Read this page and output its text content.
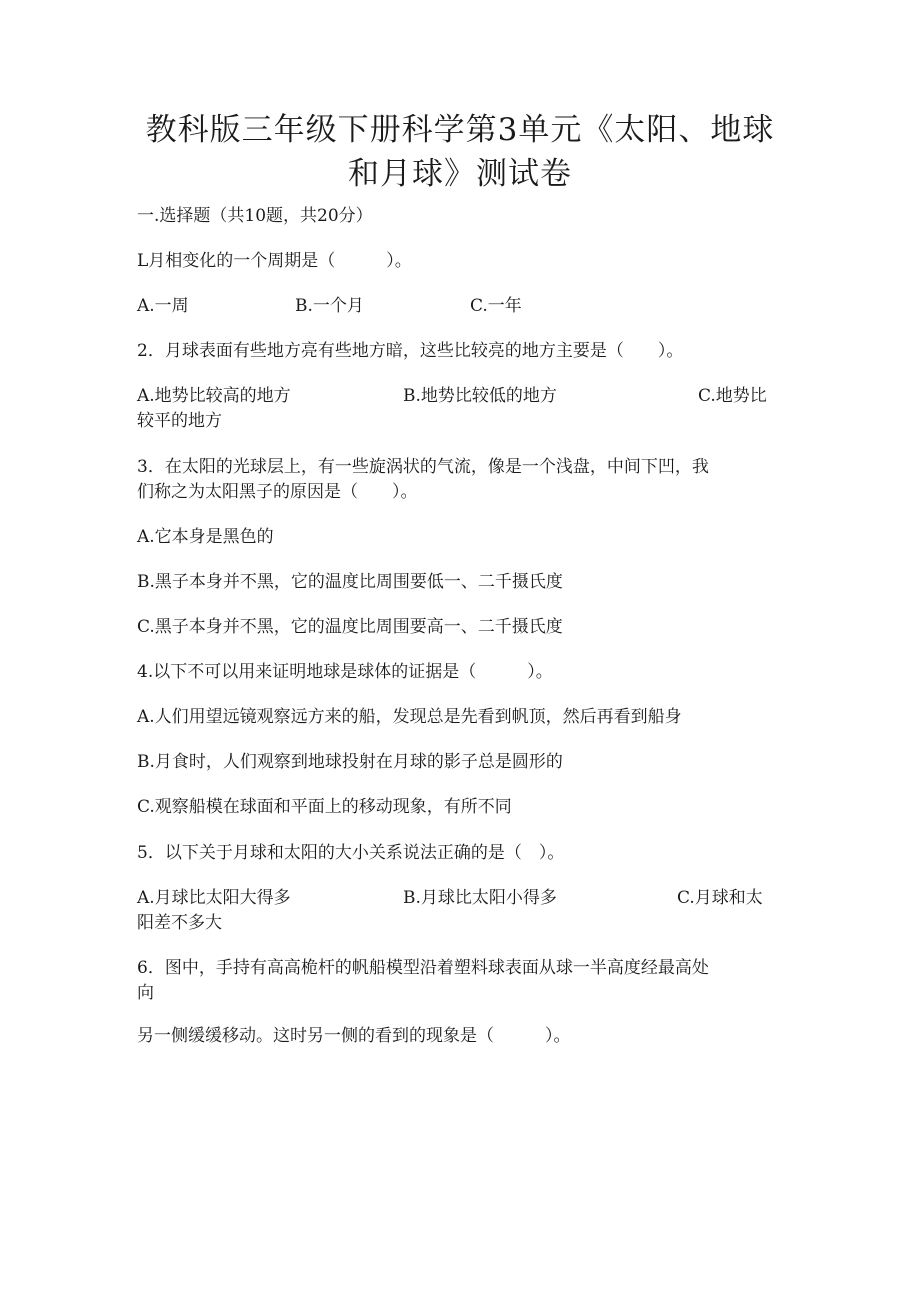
教科版三年级下册科学第3单元《太阳、地球和月球》测试卷
一.选择题（共10题，共20分）
L月相变化的一个周期是（　　　）。
A.一周	B.一个月	C.一年
2．月球表面有些地方亮有些地方暗，这些比较亮的地方主要是（　　）。
A.地势比较高的地方	B.地势比较低的地方	C.地势比
较平的地方
3．在太阳的光球层上，有一些旋涡状的气流，像是一个浅盘，中间下凹，我
们称之为太阳黑子的原因是（　　）。
A.它本身是黑色的
B.黑子本身并不黑，它的温度比周围要低一、二千摄氏度
C.黑子本身并不黑，它的温度比周围要高一、二千摄氏度
4.以下不可以用来证明地球是球体的证据是（　　　）。
A.人们用望远镜观察远方来的船，发现总是先看到帆顶，然后再看到船身
B.月食时，人们观察到地球投射在月球的影子总是圆形的
C.观察船模在球面和平面上的移动现象，有所不同
5．以下关于月球和太阳的大小关系说法正确的是（　）。
A.月球比太阳大得多	B.月球比太阳小得多	C.月球和太
阳差不多大
6．图中，手持有高高桅杆的帆船模型沿着塑料球表面从球一半高度经最高处
向
另一侧缓缓移动。这时另一侧的看到的现象是（　　　）。
